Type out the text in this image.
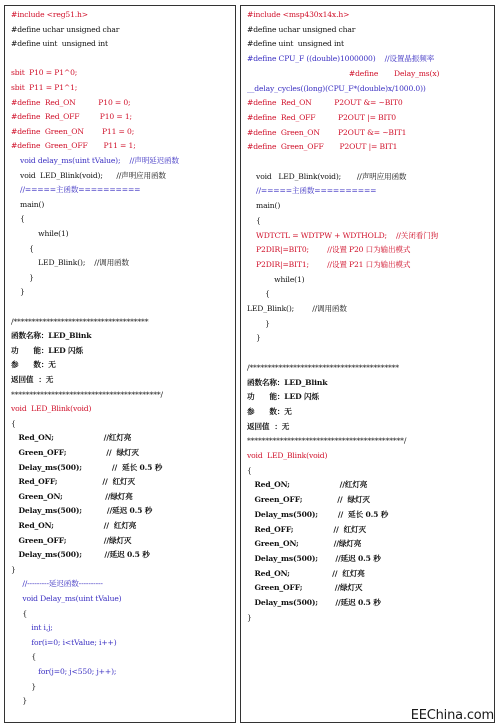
#include <reg51.h>
#define uchar unsigned char
#define uint  unsigned int
sbit  P10 = P1^0;
sbit  P11 = P1^1;
#define  Red_ON          P10 = 0;
#define  Red_OFF         P10 = 1;
#define  Green_ON        P11 = 0;
#define  Green_OFF       P11 = 1;
void delay_ms(uint tValue);    //声明延迟函数
void  LED_Blink(void);      //声明应用函数
//=====主函数==========
main()
{
while(1)
{
LED_Blink();    //调用函数
}
}
/*************************************
函数名称：LED_Blink
功      能：LED 闪烁
参      数：无
返回值  ：无
*****************************************/
void  LED_Blink(void)
{
Red_ON;                    //红灯亮
Green_OFF;                //  绿灯灭
Delay_ms(500);            //  延长 0.5 秒
Red_OFF;                  //  红灯灭
Green_ON;                 //绿灯亮
Delay_ms(500);          //延迟 0.5 秒
Red_ON;                    //  红灯亮
Green_OFF;               //绿灯灭
Delay_ms(500);         //延迟 0.5 秒
}
//---------延迟函数----------
void Delay_ms(uint tValue)
{
int i,j;
for(i=0; i<tValue; i++)
{
for(j=0; j<550; j++);
}
}
#include <msp430x14x.h>
#define uchar unsigned char
#define uint  unsigned int
#define CPU_F ((double)1000000)    //设置晶振频率
#define       Delay_ms(x)
__delay_cycles((long)(CPU_F*(double)x/1000.0))
#define  Red_ON          P2OUT &= ~BIT0
#define  Red_OFF          P2OUT |= BIT0
#define  Green_ON        P2OUT &= ~BIT1
#define  Green_OFF       P2OUT |= BIT1
void   LED_Blink(void);       //声明应用函数
//=====主函数==========
main()
{
WDTCTL = WDTPW + WDTHOLD;    //关闭看门狗
P2DIR|=BIT0;        //设置 P20 口为输出模式
P2DIR|=BIT1;        //设置 P21 口为输出模式
while(1)
{
LED_Blink();        //调用函数
}
}
/*****************************************
函数名称：LED_Blink
功      能：LED 闪烁
参      数：无
返回值  ：无
*******************************************/
void  LED_Blink(void)
{
Red_ON;                    //红灯亮
Green_OFF;              //  绿灯灭
Delay_ms(500);        //  延长 0.5 秒
Red_OFF;                //  红灯灭
Green_ON;              //绿灯亮
Delay_ms(500);       //延迟 0.5 秒
Red_ON;                 //  红灯亮
Green_OFF;             //绿灯灭
Delay_ms(500);       //延迟 0.5 秒
}
EEChina.com
